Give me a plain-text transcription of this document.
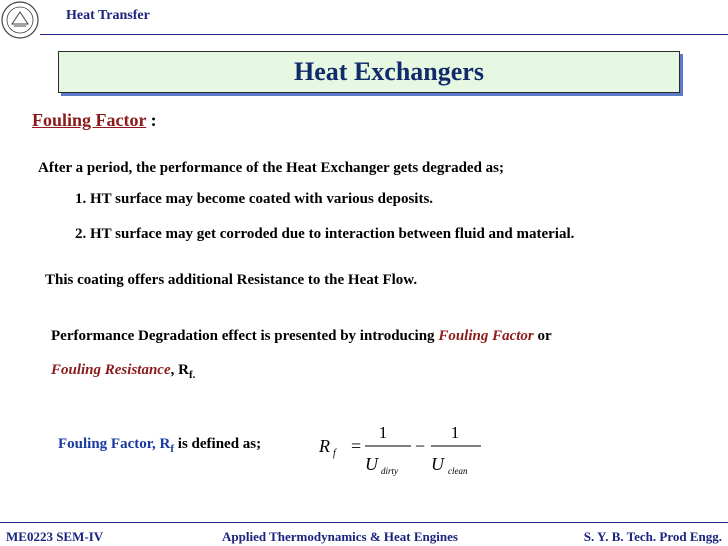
Heat Transfer
Heat Exchangers
Fouling Factor :
After a period, the performance of the Heat Exchanger gets degraded as;
1. HT surface may become coated with various deposits.
2. HT surface may get corroded due to interaction between fluid and material.
This coating offers additional Resistance to the Heat Flow.
Performance Degradation effect is presented by introducing Fouling Factor or
Fouling Resistance, $R_{f.}$
Fouling Factor, $R_f$ is defined as;	R f =
1
U dirty
−
1
U clean
ME0223 SEM-IV	Applied Thermodynamics & Heat Engines	S. Y. B. Tech. Prod Engg.
